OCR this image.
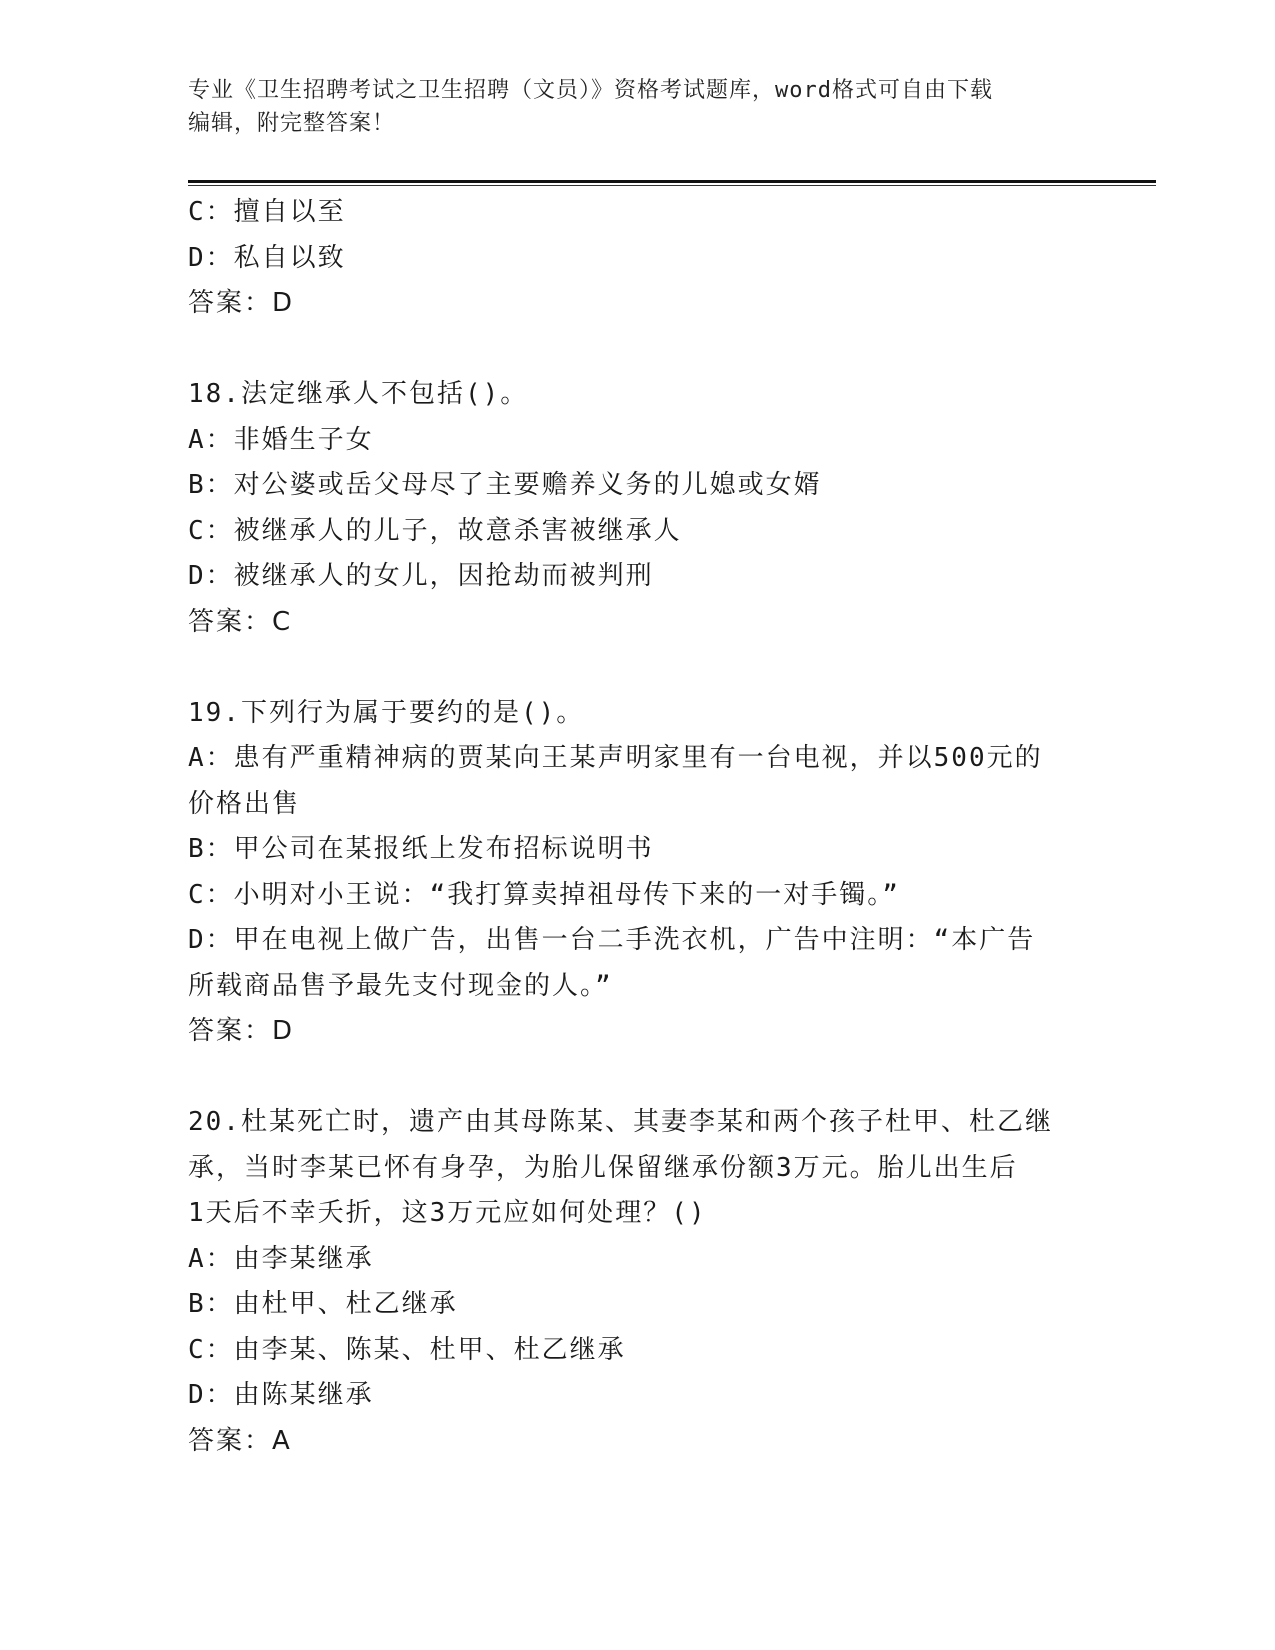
专业《卫生招聘考试之卫生招聘（文员）》资格考试题库，word格式可自由下载
编辑，附完整答案！
C：擅自以至
D：私自以致
答案：D
18.法定继承人不包括()。
A：非婚生子女
B：对公婆或岳父母尽了主要赡养义务的儿媳或女婿
C：被继承人的儿子，故意杀害被继承人
D：被继承人的女儿，因抢劫而被判刑
答案：C
19.下列行为属于要约的是()。
A：患有严重精神病的贾某向王某声明家里有一台电视，并以500元的
价格出售
B：甲公司在某报纸上发布招标说明书
C：小明对小王说：“我打算卖掉祖母传下来的一对手镯。”
D：甲在电视上做广告，出售一台二手洗衣机，广告中注明：“本广告
所载商品售予最先支付现金的人。”
答案：D
20.杜某死亡时，遗产由其母陈某、其妻李某和两个孩子杜甲、杜乙继
承，当时李某已怀有身孕，为胎儿保留继承份额3万元。胎儿出生后
1天后不幸夭折，这3万元应如何处理？()
A：由李某继承
B：由杜甲、杜乙继承
C：由李某、陈某、杜甲、杜乙继承
D：由陈某继承
答案：A
